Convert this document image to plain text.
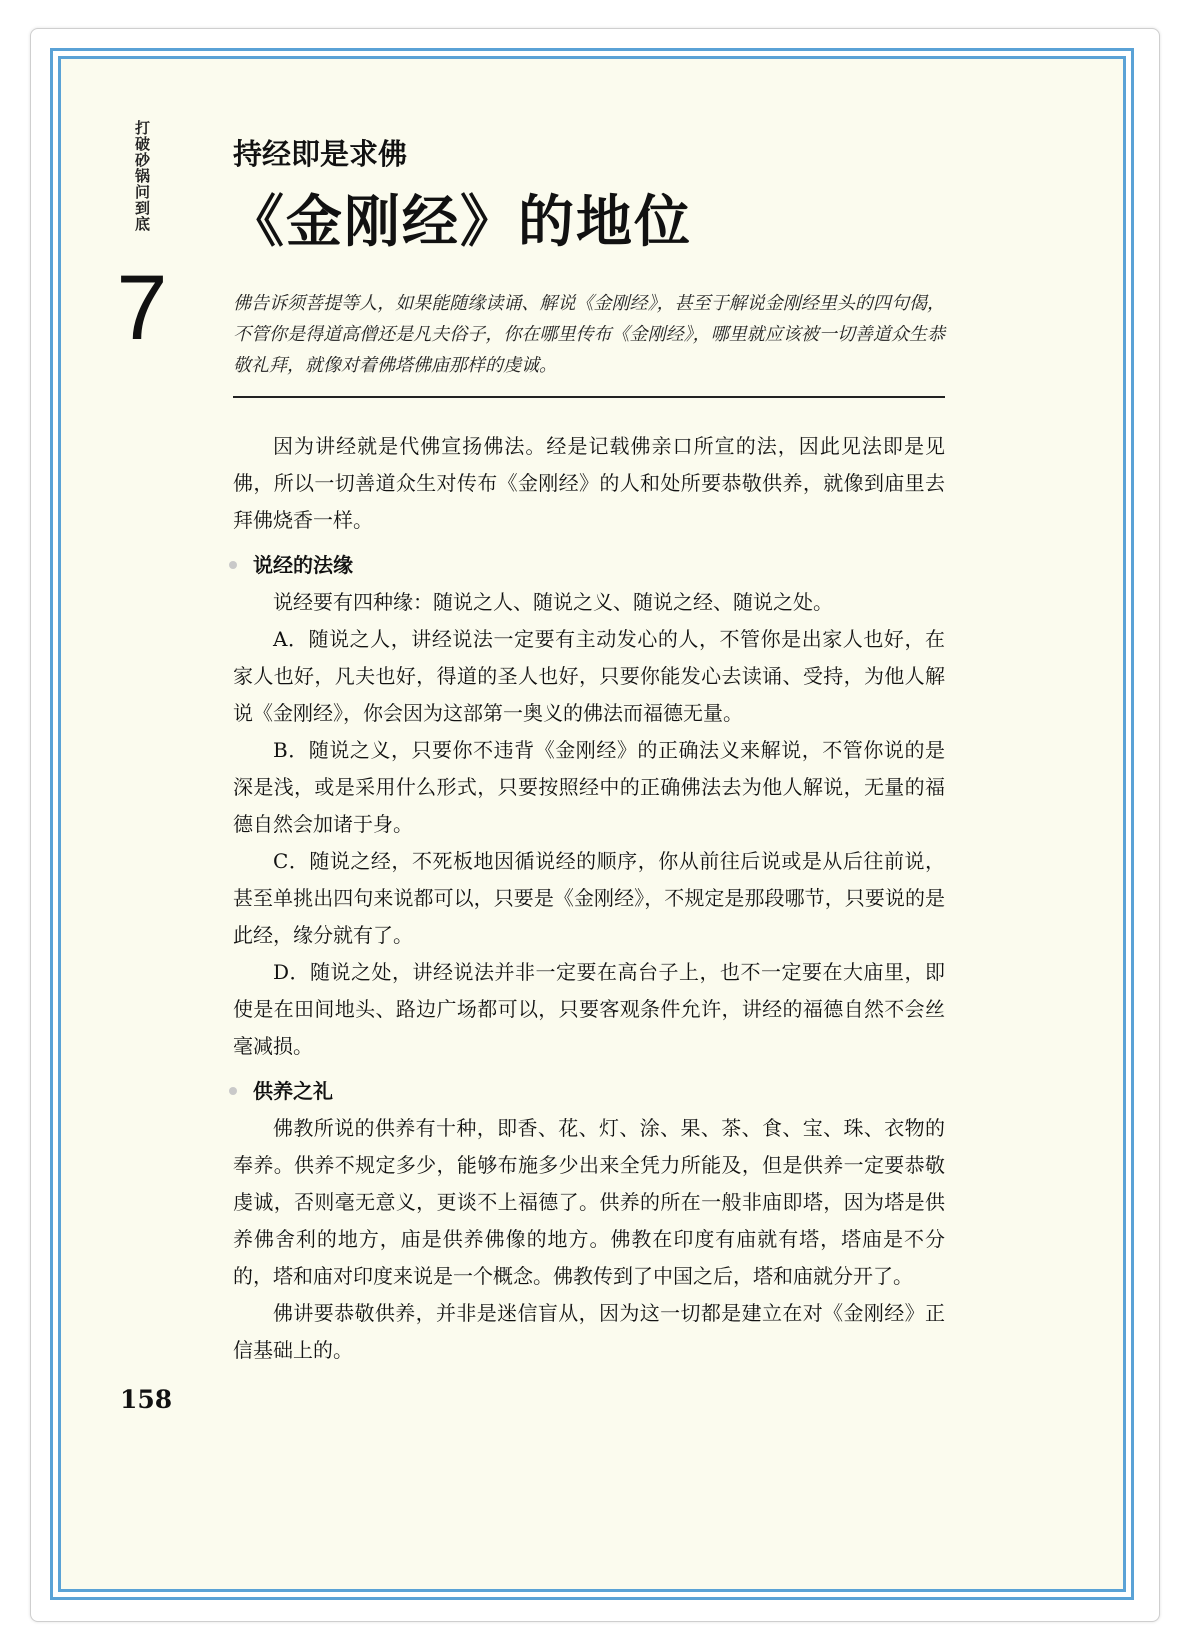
打破砂锅问到底
7
持经即是求佛
《金刚经》的地位
佛告诉须菩提等人，如果能随缘读诵、解说《金刚经》，甚至于解说金刚经里头的四句偈，不管你是得道高僧还是凡夫俗子，你在哪里传布《金刚经》，哪里就应该被一切善道众生恭敬礼拜，就像对着佛塔佛庙那样的虔诚。

因为讲经就是代佛宣扬佛法。经是记载佛亲口所宣的法，因此见法即是见佛，所以一切善道众生对传布《金刚经》的人和处所要恭敬供养，就像到庙里去拜佛烧香一样。

说经的法缘

说经要有四种缘：随说之人、随说之义、随说之经、随说之处。

A．随说之人，讲经说法一定要有主动发心的人，不管你是出家人也好，在家人也好，凡夫也好，得道的圣人也好，只要你能发心去读诵、受持，为他人解说《金刚经》，你会因为这部第一奥义的佛法而福德无量。

B．随说之义，只要你不违背《金刚经》的正确法义来解说，不管你说的是深是浅，或是采用什么形式，只要按照经中的正确佛法去为他人解说，无量的福德自然会加诸于身。

C．随说之经，不死板地因循说经的顺序，你从前往后说或是从后往前说，甚至单挑出四句来说都可以，只要是《金刚经》，不规定是那段哪节，只要说的是此经，缘分就有了。

D．随说之处，讲经说法并非一定要在高台子上，也不一定要在大庙里，即使是在田间地头、路边广场都可以，只要客观条件允许，讲经的福德自然不会丝毫减损。

供养之礼

佛教所说的供养有十种，即香、花、灯、涂、果、茶、食、宝、珠、衣物的奉养。供养不规定多少，能够布施多少出来全凭力所能及，但是供养一定要恭敬虔诚，否则毫无意义，更谈不上福德了。供养的所在一般非庙即塔，因为塔是供养佛舍利的地方，庙是供养佛像的地方。佛教在印度有庙就有塔，塔庙是不分的，塔和庙对印度来说是一个概念。佛教传到了中国之后，塔和庙就分开了。

佛讲要恭敬供养，并非是迷信盲从，因为这一切都是建立在对《金刚经》正信基础上的。

158
